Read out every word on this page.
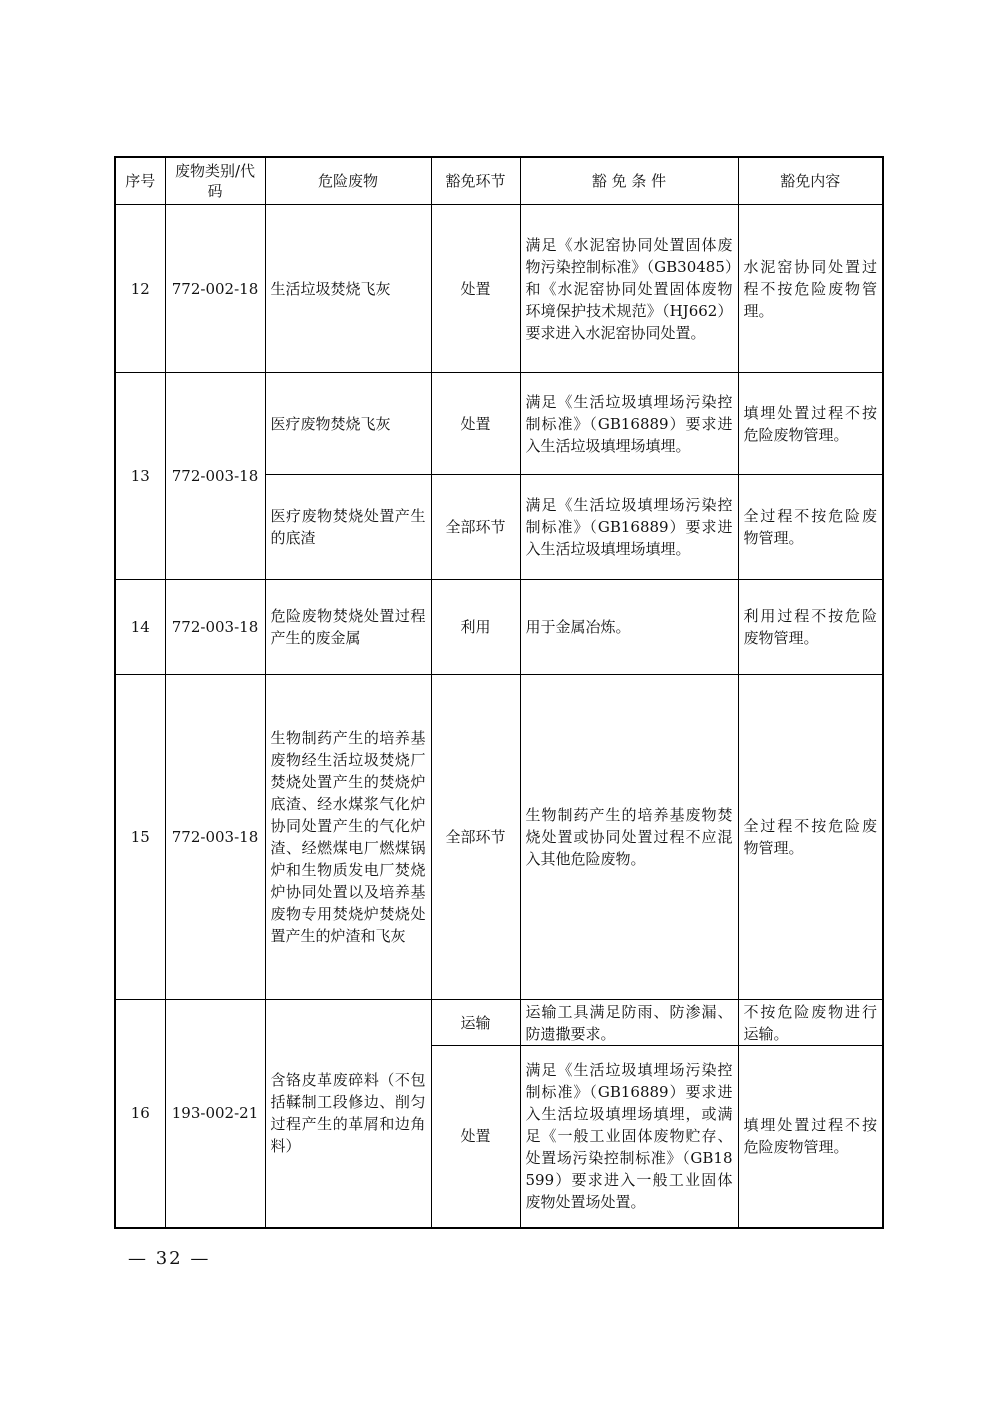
序号	废物类别/代码	危险废物	豁免环节	豁 免 条 件	豁免内容
12	772-002-18	生活垃圾焚烧飞灰	处置	满足《水泥窑协同处置固体废物污染控制标准》（GB30485）和《水泥窑协同处置固体废物环境保护技术规范》（HJ662）要求进入水泥窑协同处置。	水泥窑协同处置过程不按危险废物管理。
13	772-003-18	医疗废物焚烧飞灰	处置	满足《生活垃圾填埋场污染控制标准》（GB16889）要求进入生活垃圾填埋场填埋。	填埋处置过程不按危险废物管理。
		医疗废物焚烧处置产生的底渣	全部环节	满足《生活垃圾填埋场污染控制标准》（GB16889）要求进入生活垃圾填埋场填埋。	全过程不按危险废物管理。
14	772-003-18	危险废物焚烧处置过程产生的废金属	利用	用于金属冶炼。	利用过程不按危险废物管理。
15	772-003-18	生物制药产生的培养基废物经生活垃圾焚烧厂焚烧处置产生的焚烧炉底渣、经水煤浆气化炉协同处置产生的气化炉渣、经燃煤电厂燃煤锅炉和生物质发电厂焚烧炉协同处置以及培养基废物专用焚烧炉焚烧处置产生的炉渣和飞灰	全部环节	生物制药产生的培养基废物焚烧处置或协同处置过程不应混入其他危险废物。	全过程不按危险废物管理。
16	193-002-21	含铬皮革废碎料（不包括鞣制工段修边、削匀过程产生的革屑和边角料）	运输	运输工具满足防雨、防渗漏、防遗撒要求。	不按危险废物进行运输。
			处置	满足《生活垃圾填埋场污染控制标准》（GB16889）要求进入生活垃圾填埋场填埋，或满足《一般工业固体废物贮存、处置场污染控制标准》（GB18599）要求进入一般工业固体废物处置场处置。	填埋处置过程不按危险废物管理。
— 32 —
